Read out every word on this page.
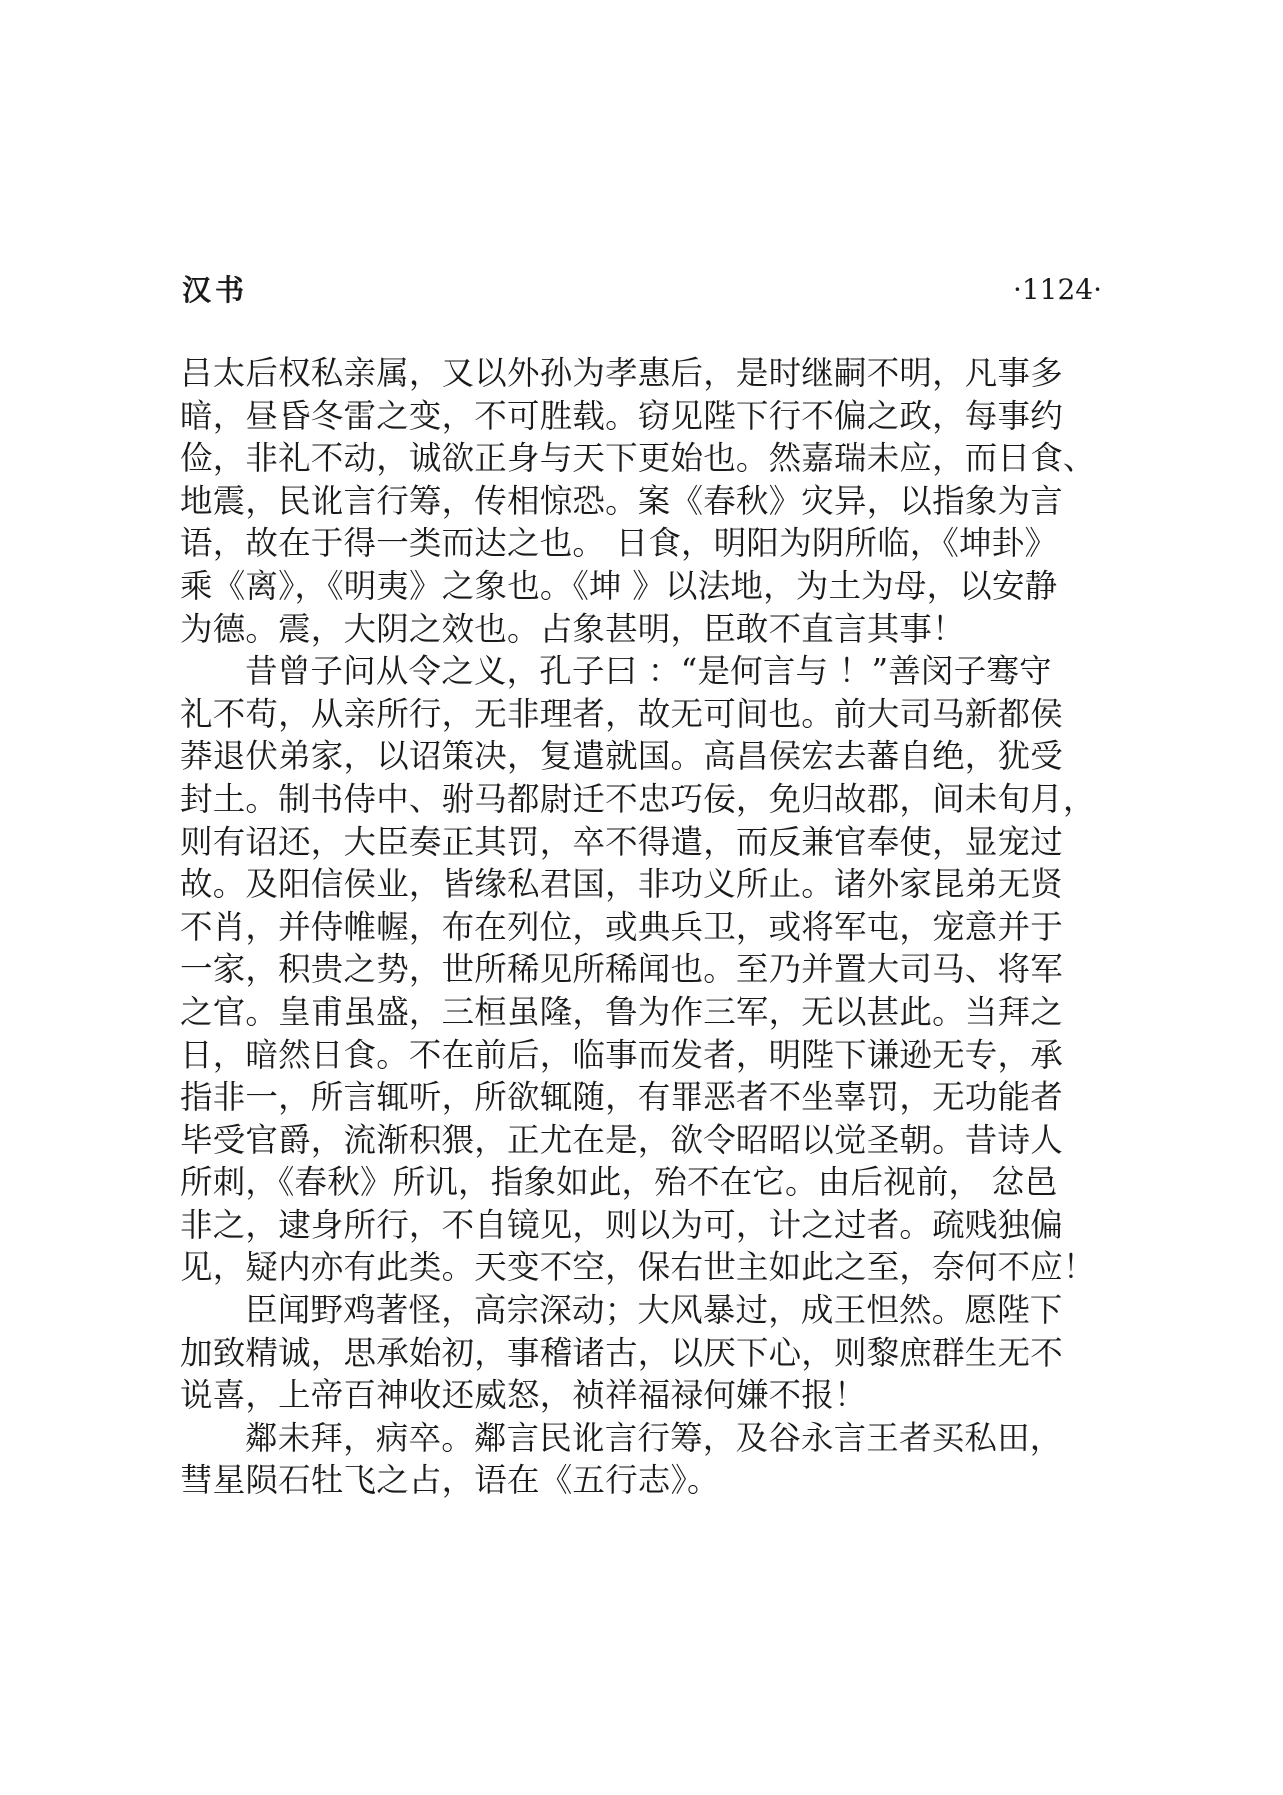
汉书	·1124·
吕太后权私亲属，又以外孙为孝惠后，是时继嗣不明，凡事多
暗，昼昏冬雷之变，不可胜载。窃见陛下行不偏之政，每事约
俭，非礼不动，诚欲正身与天下更始也。然嘉瑞未应，而日食、
地震，民讹言行筹，传相惊恐。案《春秋》灾异，以指象为言
语，故在于得一类而达之也。 日食，明阳为阴所临，《坤卦》
乘《离》，《明夷》之象也。《坤 》以法地，为土为母，以安静
为德。震，大阴之效也。占象甚明，臣敢不直言其事！
昔曾子问从令之义，孔子曰 ：“是何言与 ！”善闵子骞守
礼不苟，从亲所行，无非理者，故无可间也。前大司马新都侯
莽退伏弟家，以诏策决，复遣就国。高昌侯宏去蕃自绝，犹受
封土。制书侍中、驸马都尉迁不忠巧佞，免归故郡，间未旬月，
则有诏还，大臣奏正其罚，卒不得遣，而反兼官奉使，显宠过
故。及阳信侯业，皆缘私君国，非功义所止。诸外家昆弟无贤
不肖，并侍帷幄，布在列位，或典兵卫，或将军屯，宠意并于
一家，积贵之势，世所稀见所稀闻也。至乃并置大司马、将军
之官。皇甫虽盛，三桓虽隆，鲁为作三军，无以甚此。当拜之
日，暗然日食。不在前后，临事而发者，明陛下谦逊无专，承
指非一，所言辄听，所欲辄随，有罪恶者不坐辜罚，无功能者
毕受官爵，流渐积猥，正尤在是，欲令昭昭以觉圣朝。昔诗人
所刺，《春秋》所讥，指象如此，殆不在它。由后视前， 忿邑
非之，逮身所行，不自镜见，则以为可，计之过者。疏贱独偏
见，疑内亦有此类。天变不空，保右世主如此之至，奈何不应！
臣闻野鸡著怪，高宗深动；大风暴过，成王怛然。愿陛下
加致精诚，思承始初，事稽诸古，以厌下心，则黎庶群生无不
说喜，上帝百神收还威怒，祯祥福禄何嫌不报！
鄰未拜，病卒。鄰言民讹言行筹，及谷永言王者买私田，
彗星陨石牡飞之占，语在《五行志》。
